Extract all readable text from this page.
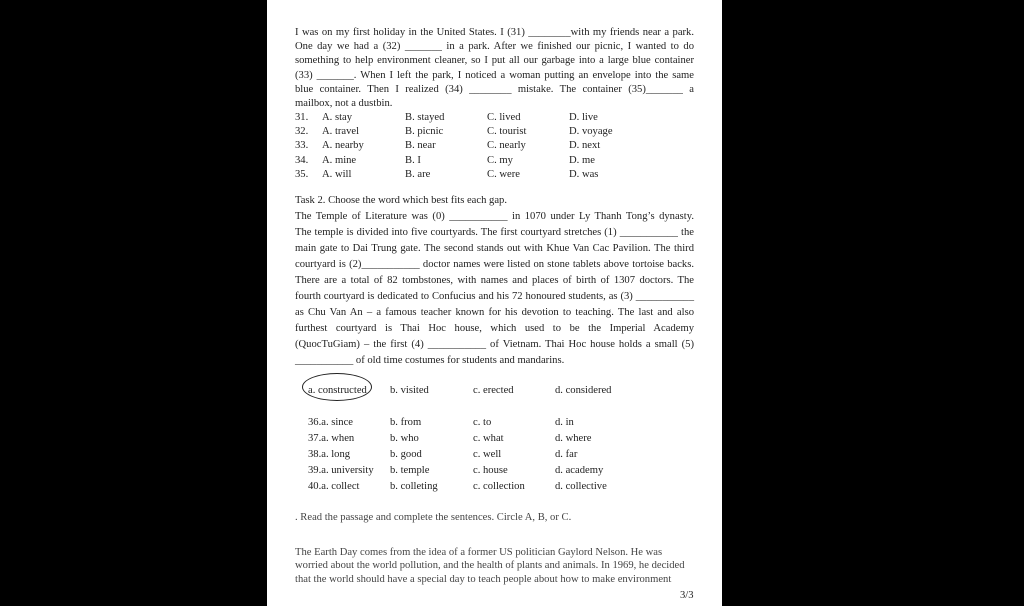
I was on my first holiday in the United States. I (31) ________with my friends near a park.
One day we had a (32) _______ in a park. After we finished our picnic, I wanted to do
something to help environment cleaner, so I put all our garbage into a large blue container
(33) _______. When I left the park, I noticed a woman putting an envelope into the same
blue container. Then I realized (34) ________ mistake. The container (35)_______ a
mailbox, not a dustbin.
31. A. stay	B. stayed	C. lived	D. live
32. A. travel	B. picnic	C. tourist	D. voyage
33. A. nearby	B. near	C. nearly	D. next
34. A. mine	B. I	C. my	D. me
35. A. will	B. are	C. were	D. was
Task 2. Choose the word which best fits each gap.
The Temple of Literature was (0) ___________ in 1070 under Ly Thanh Tong’s dynasty.
The temple is divided into five courtyards. The first courtyard stretches (1) ___________ the
main gate to Dai Trung gate. The second stands out with Khue Van Cac Pavilion. The third
courtyard is (2)___________ doctor names were listed on stone tablets above tortoise backs.
There are a total of 82 tombstones, with names and places of birth of 1307 doctors. The
fourth courtyard is dedicated to Confucius and his 72 honoured students, as (3) ___________
as Chu Van An – a famous teacher known for his devotion to teaching. The last and also
furthest courtyard is Thai Hoc house, which used to be the Imperial Academy
(QuocTuGiam) – the first (4) ___________ of Vietnam. Thai Hoc house holds a small (5)
___________ of old time costumes for students and mandarins.
a. constructed b. visited	c. erected	d. considered
36.a. since	b. from	c. to	d. in
37.a. when	b. who	c. what	d. where
38.a. long	b. good	c. well	d. far
39.a. university b. temple	c. house	d. academy
40.a. collect	b. colleting	c. collection	d. collective
. Read the passage and complete the sentences. Circle A, B, or C.
The Earth Day comes from the idea of a former US politician Gaylord Nelson. He was
worried about the world pollution, and the health of plants and animals. In 1969, he decided
that the world should have a special day to teach people about how to make environment
3/3
